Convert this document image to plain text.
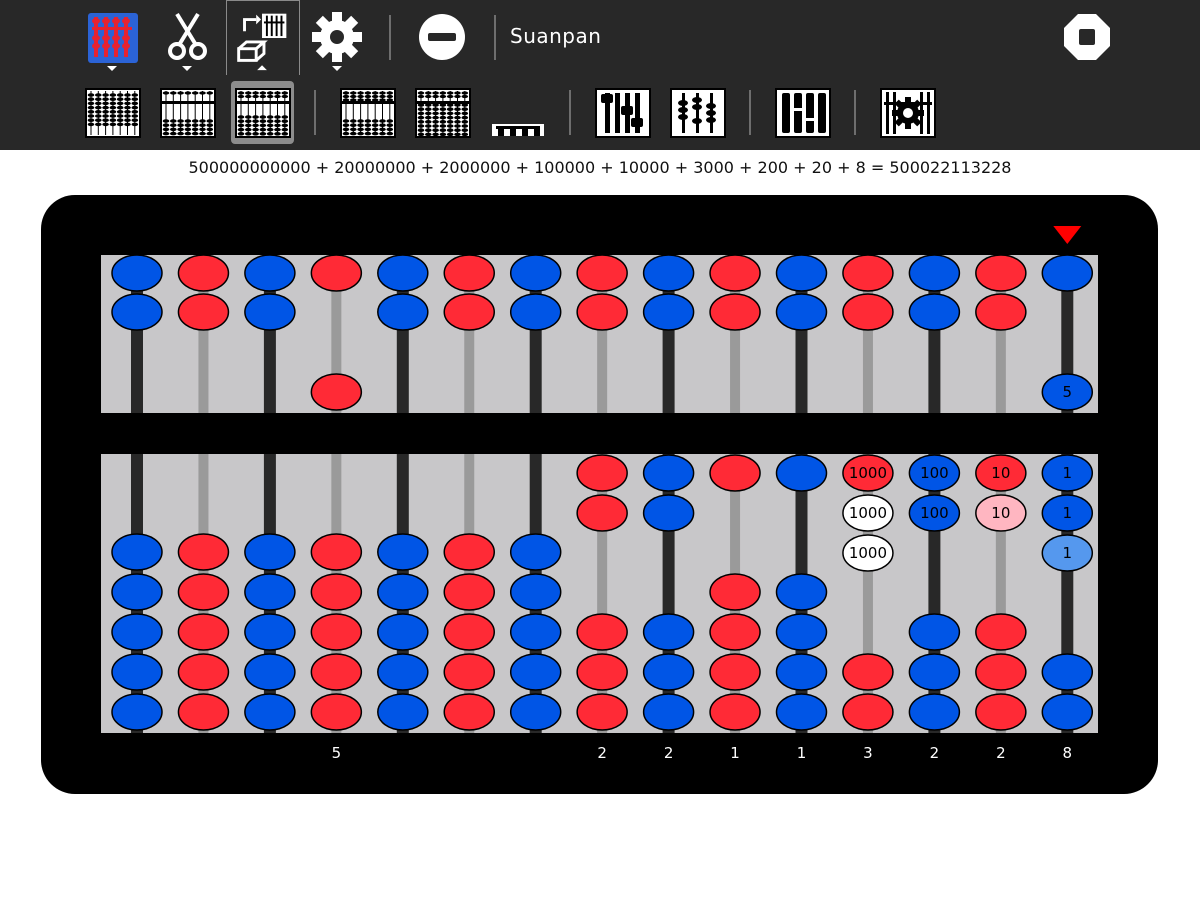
Suanpan
500000000000 + 20000000 + 2000000 + 100000 + 10000 + 3000 + 200 + 20 + 8 = 500022113228
5	2	2	1	1
1000
1000
1000
3
100
100
2
10
10
2
5
1
1
1
8
